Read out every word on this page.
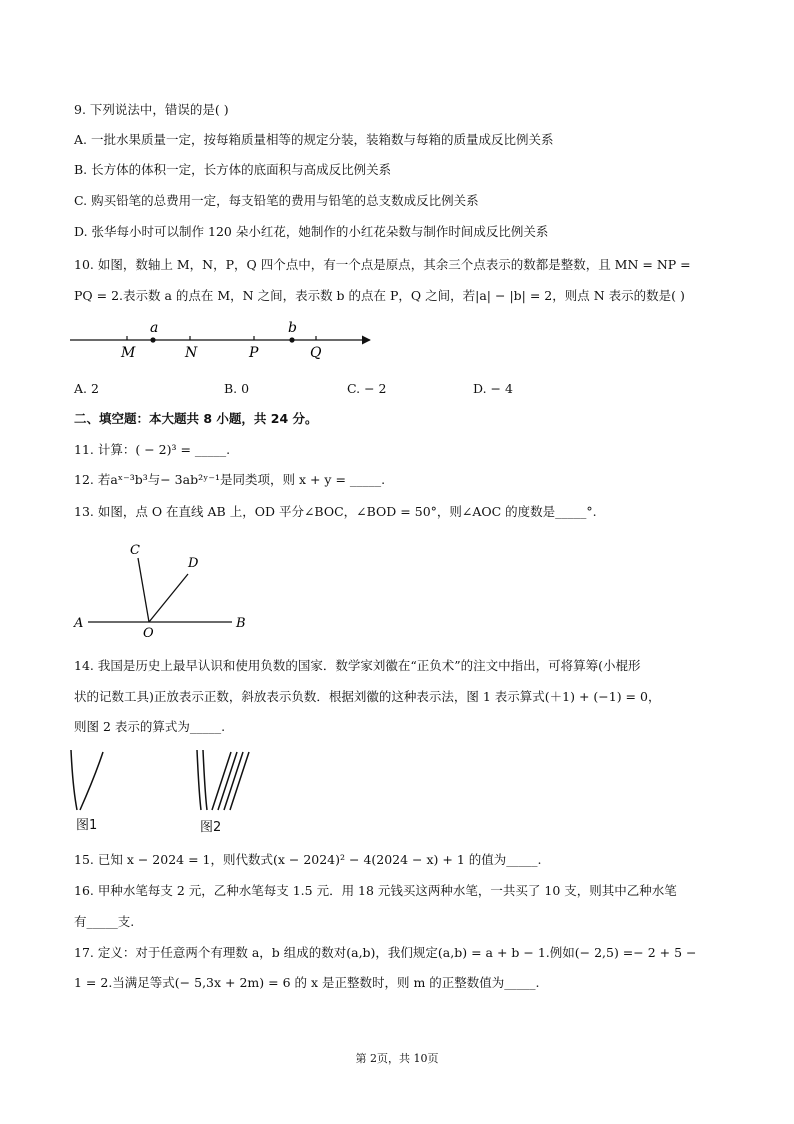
9. 下列说法中，错误的是( )
A. 一批水果质量一定，按每箱质量相等的规定分装，装箱数与每箱的质量成反比例关系
B. 长方体的体积一定，长方体的底面积与高成反比例关系
C. 购买铅笔的总费用一定，每支铅笔的费用与铅笔的总支数成反比例关系
D. 张华每小时可以制作 120 朵小红花，她制作的小红花朵数与制作时间成反比例关系
10. 如图，数轴上 M，N，P，Q 四个点中，有一个点是原点，其余三个点表示的数都是整数，且 MN = NP =
PQ = 2.表示数 a 的点在 M，N 之间，表示数 b 的点在 P，Q 之间，若|a| − |b| = 2，则点 N 表示的数是( )
a	b
M	N	P	Q
A. 2	B. 0	C. − 2	D. − 4
二、填空题：本大题共 8 小题，共 24 分。
11. 计算：( − 2)³ = _____.
12. 若aˣ⁻³b³与− 3ab²ʸ⁻¹是同类项，则 x + y = _____.
13. 如图，点 O 在直线 AB 上，OD 平分∠BOC，∠BOD = 50°，则∠AOC 的度数是_____°.
C
D
A	B
O
14. 我国是历史上最早认识和使用负数的国家．数学家刘徽在“正负术”的注文中指出，可将算筹(小棍形
状的记数工具)正放表示正数，斜放表示负数．根据刘徽的这种表示法，图 1 表示算式(＋1) + (−1) = 0，
则图 2 表示的算式为_____.
图1	图2
15. 已知 x − 2024 = 1，则代数式(x − 2024)² − 4(2024 − x) + 1 的值为_____.
16. 甲种水笔每支 2 元，乙种水笔每支 1.5 元．用 18 元钱买这两种水笔，一共买了 10 支，则其中乙种水笔
有_____支.
17. 定义：对于任意两个有理数 a，b 组成的数对(a,b)，我们规定(a,b) = a + b − 1.例如(− 2,5) =− 2 + 5 −
1 = 2.当满足等式(− 5,3x + 2m) = 6 的 x 是正整数时，则 m 的正整数值为_____.
第 2页，共 10页
